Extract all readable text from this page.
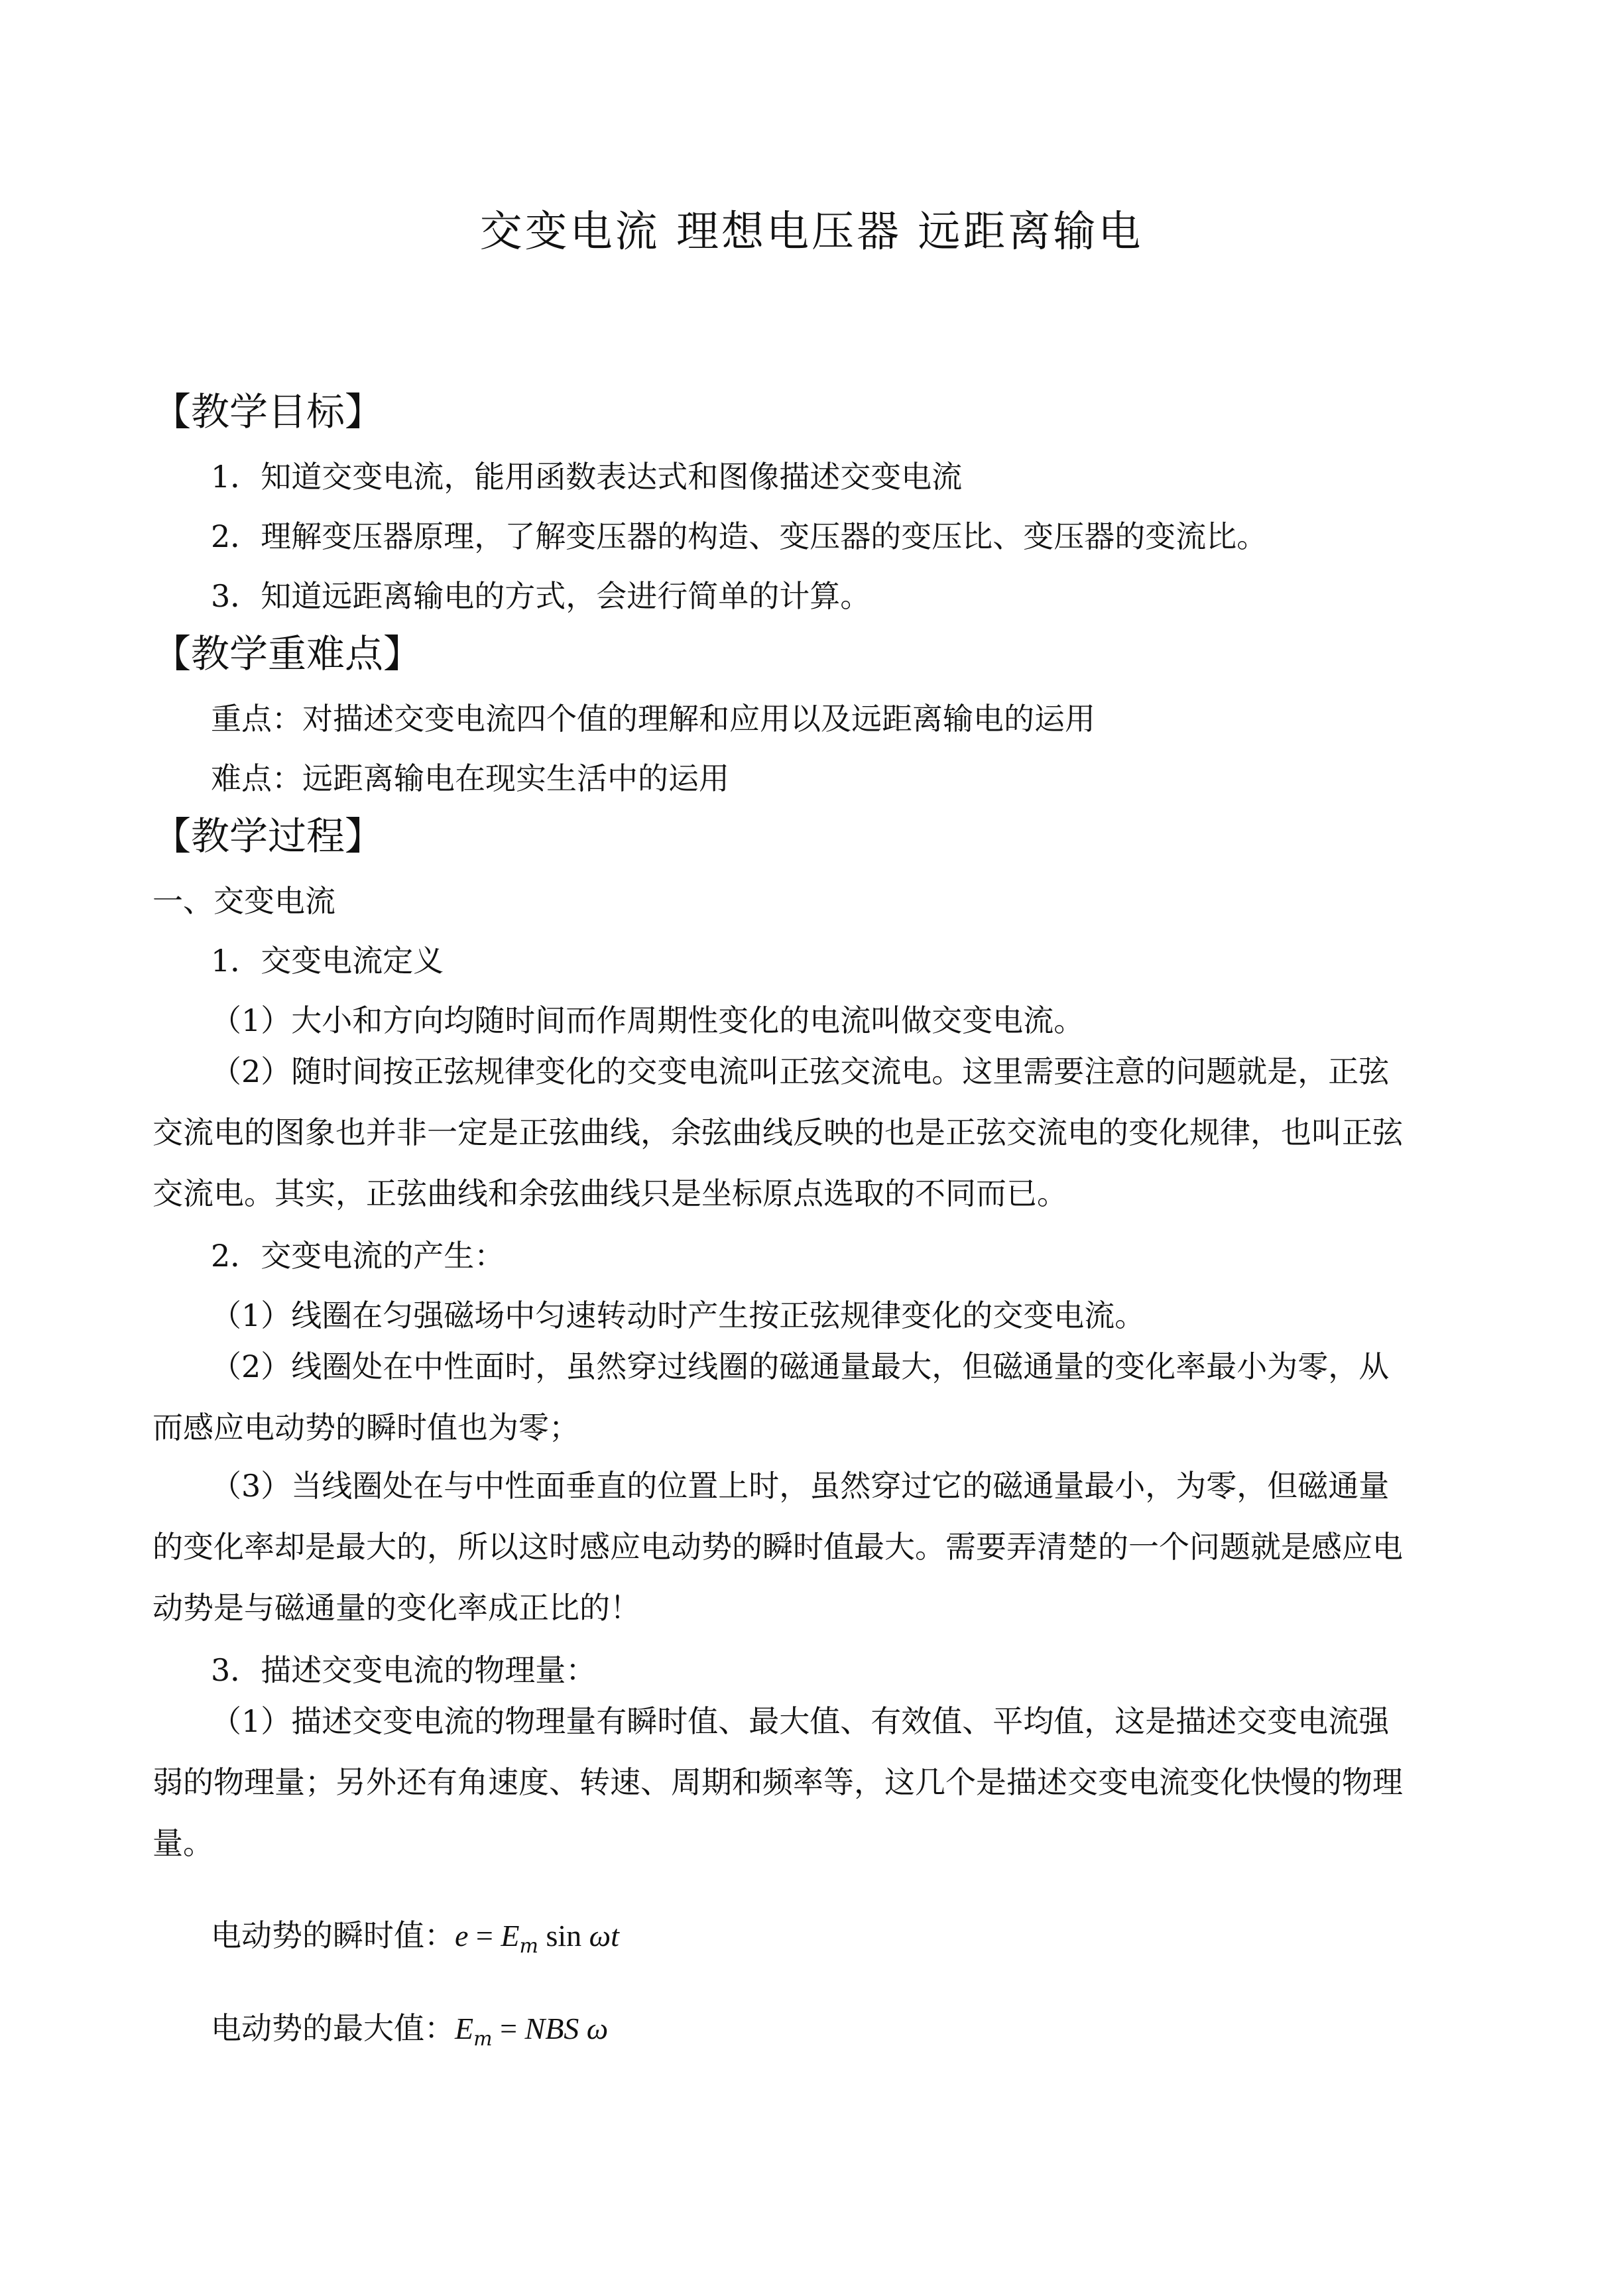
交变电流 理想电压器 远距离输电
【教学目标】
1．知道交变电流，能用函数表达式和图像描述交变电流
2．理解变压器原理，了解变压器的构造、变压器的变压比、变压器的变流比。
3．知道远距离输电的方式，会进行简单的计算。
【教学重难点】
重点：对描述交变电流四个值的理解和应用以及远距离输电的运用
难点：远距离输电在现实生活中的运用
【教学过程】
一、交变电流
1．交变电流定义
（1）大小和方向均随时间而作周期性变化的电流叫做交变电流。
（2）随时间按正弦规律变化的交变电流叫正弦交流电。这里需要注意的问题就是，正弦
交流电的图象也并非一定是正弦曲线，余弦曲线反映的也是正弦交流电的变化规律，也叫正弦
交流电。其实，正弦曲线和余弦曲线只是坐标原点选取的不同而已。
2．交变电流的产生：
（1）线圈在匀强磁场中匀速转动时产生按正弦规律变化的交变电流。
（2）线圈处在中性面时，虽然穿过线圈的磁通量最大，但磁通量的变化率最小为零，从
而感应电动势的瞬时值也为零；
（3）当线圈处在与中性面垂直的位置上时，虽然穿过它的磁通量最小，为零，但磁通量
的变化率却是最大的，所以这时感应电动势的瞬时值最大。需要弄清楚的一个问题就是感应电
动势是与磁通量的变化率成正比的！
3．描述交变电流的物理量：
（1）描述交变电流的物理量有瞬时值、最大值、有效值、平均值，这是描述交变电流强
弱的物理量；另外还有角速度、转速、周期和频率等，这几个是描述交变电流变化快慢的物理
量。
电动势的瞬时值：$e = E_m$ sin ωt
电动势的最大值：$E_m$ = NBS ω
